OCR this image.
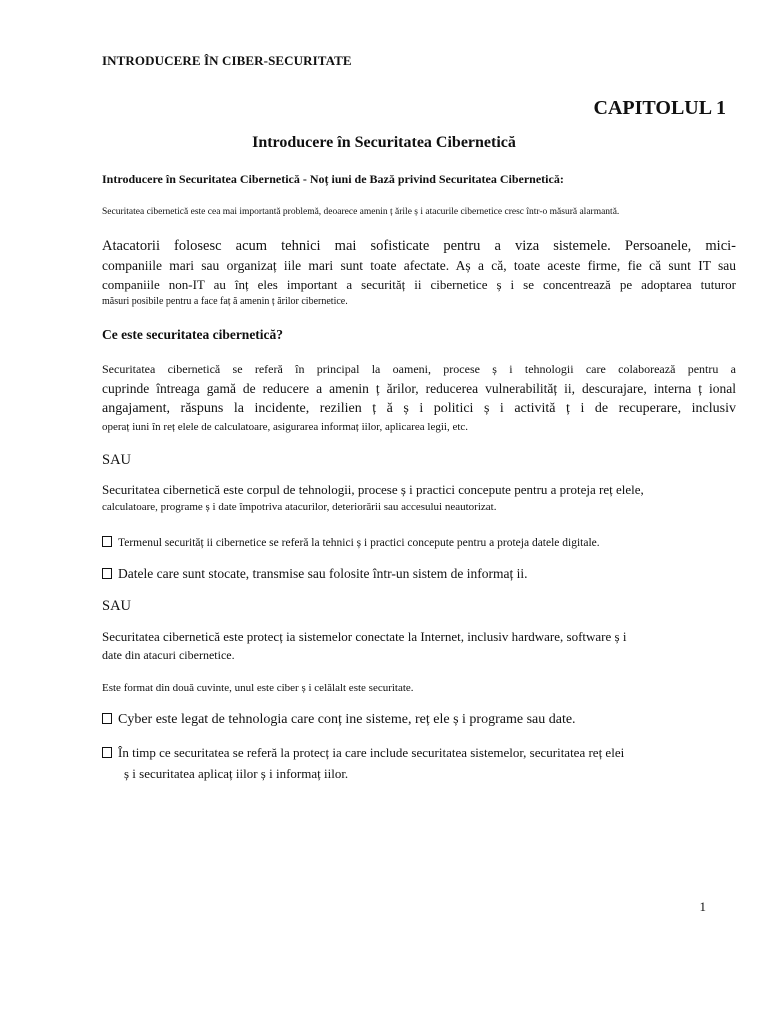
INTRODUCERE ÎN CIBER-SECURITATE
CAPITOLUL 1
Introducere în Securitatea Cibernetică
Introducere în Securitatea Cibernetică - Noț iuni de Bază privind Securitatea Cibernetică:

Securitatea cibernetică este cea mai importantă problemă, deoarece amenin ț ările ș i atacurile cibernetice cresc într-o măsură alarmantă.

Atacatorii folosesc acum tehnici mai sofisticate pentru a viza sistemele. Persoanele, mici-
companiile mari sau organizaț iile mari sunt toate afectate. Aș a că, toate aceste firme, fie că sunt IT sau
companiile non-IT au înț eles important a securităț ii cibernetice ș i se concentrează pe adoptarea tuturor
măsuri posibile pentru a face faț ă amenin ț ărilor cibernetice.
Ce este securitatea cibernetică?
Securitatea cibernetică se referă în principal la oameni, procese ș i tehnologii care colaborează pentru a
cuprinde întreaga gamă de reducere a amenin ț ărilor, reducerea vulnerabilităț ii, descurajare, interna ț ional
angajament, răspuns la incidente, rezilien ț ă ș i politici ș i activită ț i de recuperare, inclusiv
operaț iuni în reț elele de calculatoare, asigurarea informaț iilor, aplicarea legii, etc.
SAU
Securitatea cibernetică este corpul de tehnologii, procese ș i practici concepute pentru a proteja reț elele,
calculatoare, programe ș i date împotriva atacurilor, deteriorării sau accesului neautorizat.
Termenul securităț ii cibernetice se referă la tehnici ș i practici concepute pentru a proteja datele digitale.
Datele care sunt stocate, transmise sau folosite într-un sistem de informaț ii.
SAU
Securitatea cibernetică este protecț ia sistemelor conectate la Internet, inclusiv hardware, software ș i
date din atacuri cibernetice.
Este format din două cuvinte, unul este ciber ș i celălalt este securitate.
Cyber este legat de tehnologia care conț ine sisteme, reț ele ș i programe sau date.
În timp ce securitatea se referă la protecț ia care include securitatea sistemelor, securitatea reț elei
ș i securitatea aplicaț iilor ș i informaț iilor.
1
